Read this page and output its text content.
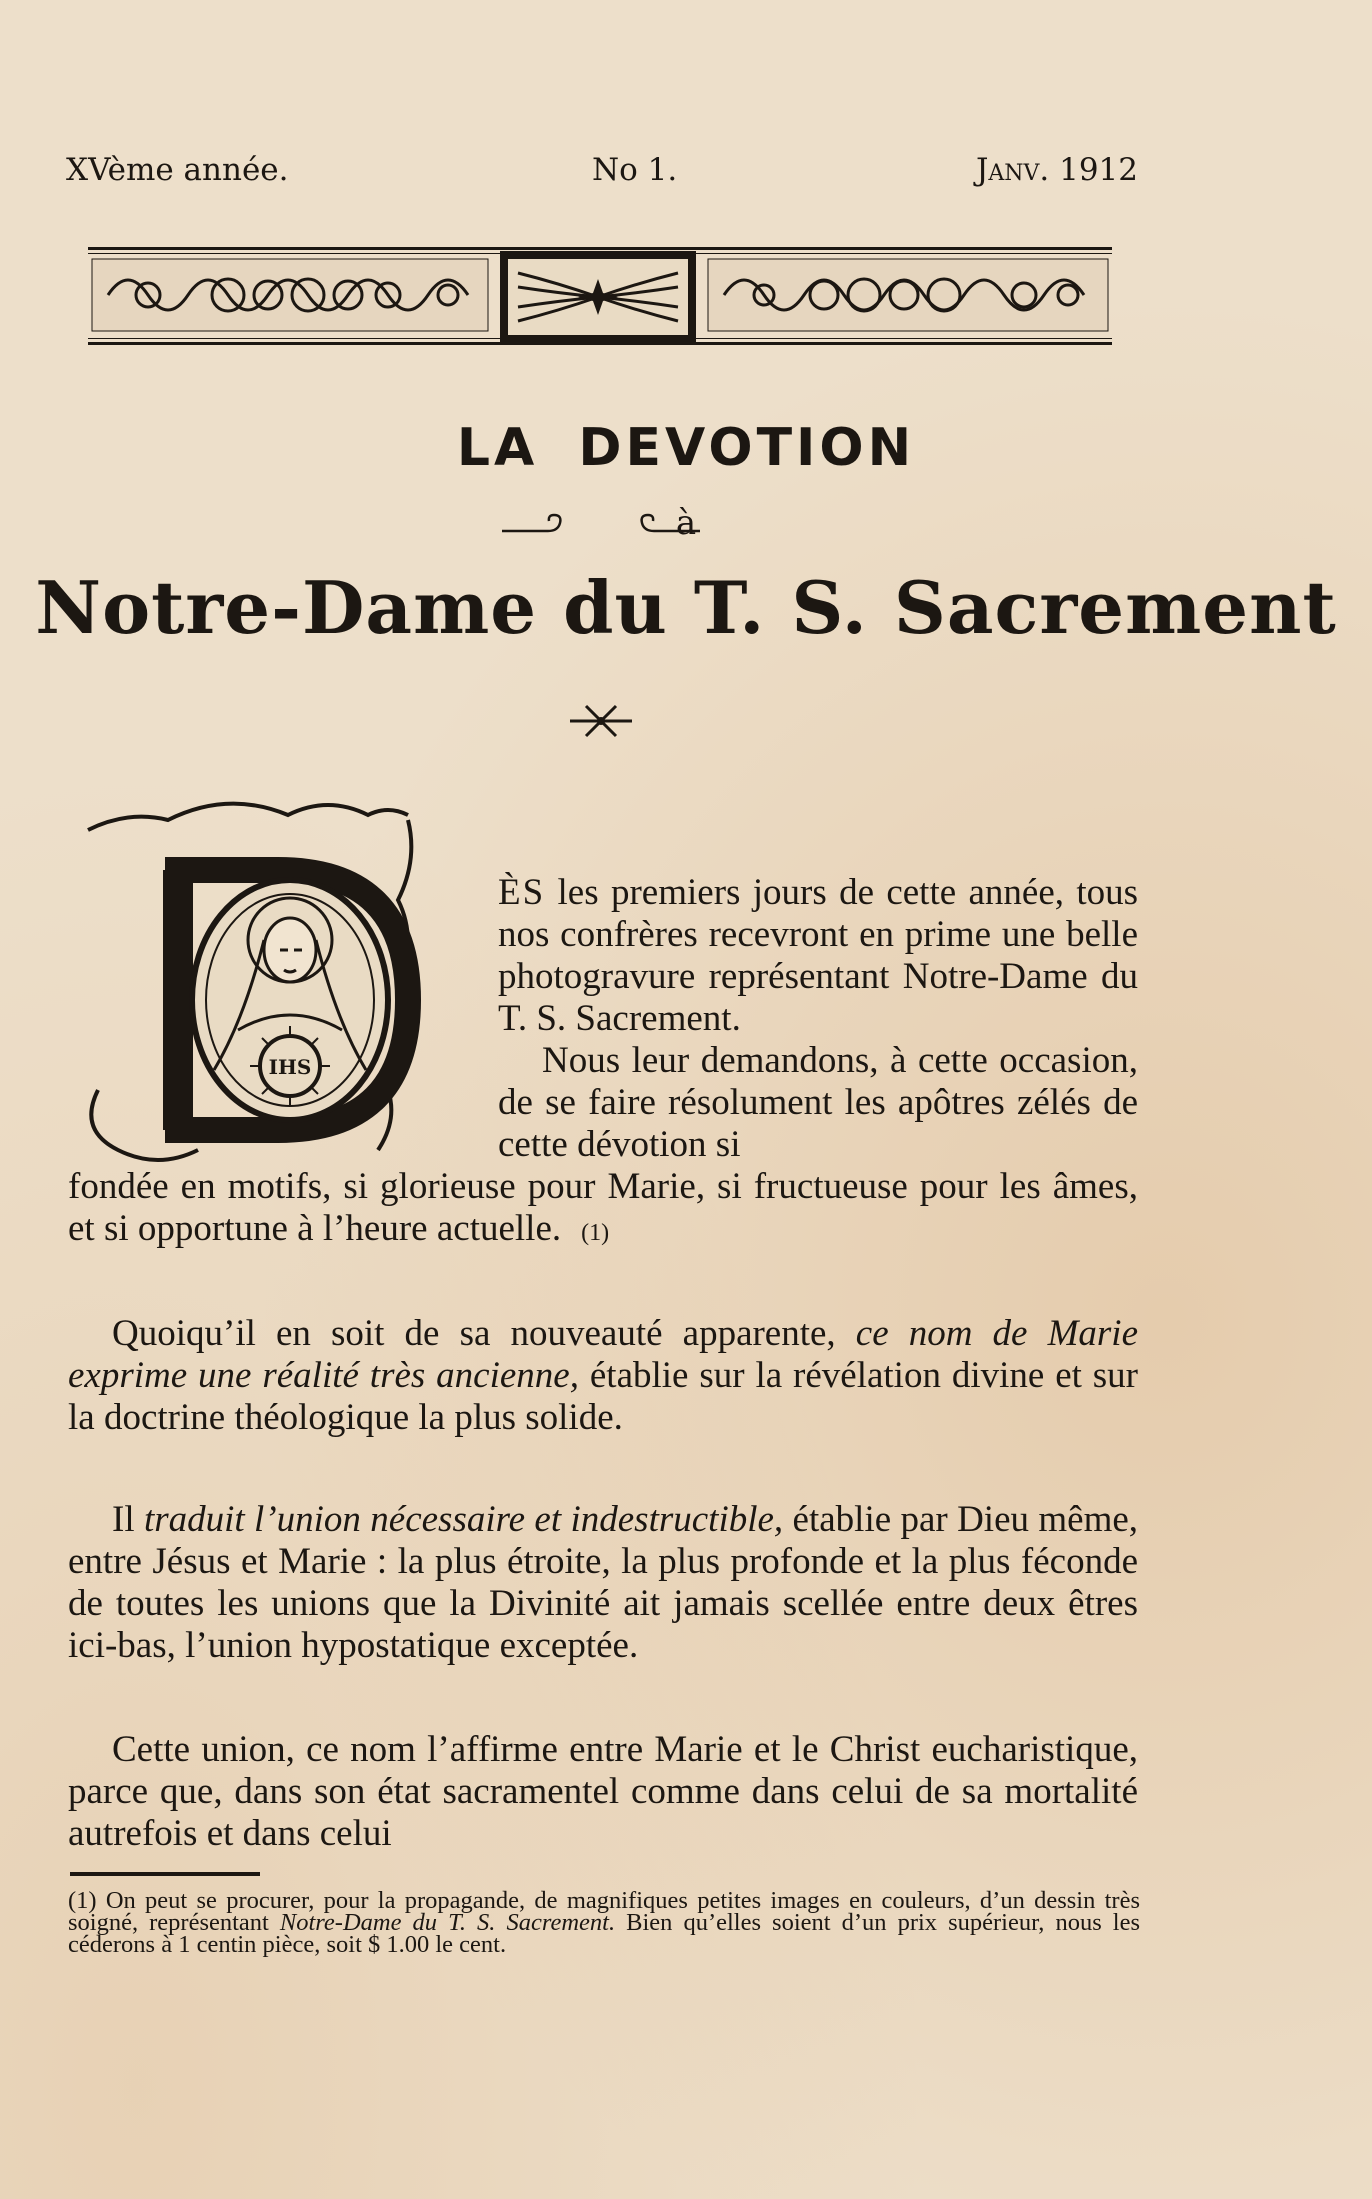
XVème année.	No 1.	Janv. 1912
LA DEVOTION
à
Notre-Dame du T. S. Sacrement
IHS

ÈS les premiers jours de cette année, tous nos confrères recevront en prime une belle photogravure représentant Notre-Dame du T. S. Sacrement.

Nous leur demandons, à cette occasion, de se faire résolument les apôtres zélés de cette dévotion si

fondée en motifs, si glorieuse pour Marie, si fructueuse pour les âmes, et si opportune à l’heure actuelle. (1)

Quoiqu’il en soit de sa nouveauté apparente, ce nom de Marie exprime une réalité très ancienne, établie sur la révélation divine et sur la doctrine théologique la plus solide.

Il traduit l’union nécessaire et indestructible, établie par Dieu même, entre Jésus et Marie : la plus étroite, la plus profonde et la plus féconde de toutes les unions que la Divinité ait jamais scellée entre deux êtres ici-bas, l’union hypostatique exceptée.

Cette union, ce nom l’affirme entre Marie et le Christ eucharistique, parce que, dans son état sacramentel comme dans celui de sa mortalité autrefois et dans celui

(1) On peut se procurer, pour la propagande, de magnifiques petites images en couleurs, d’un dessin très soigné, représentant Notre-Dame du T. S. Sacrement. Bien qu’elles soient d’un prix supérieur, nous les céderons à 1 centin pièce, soit $ 1.00 le cent.
